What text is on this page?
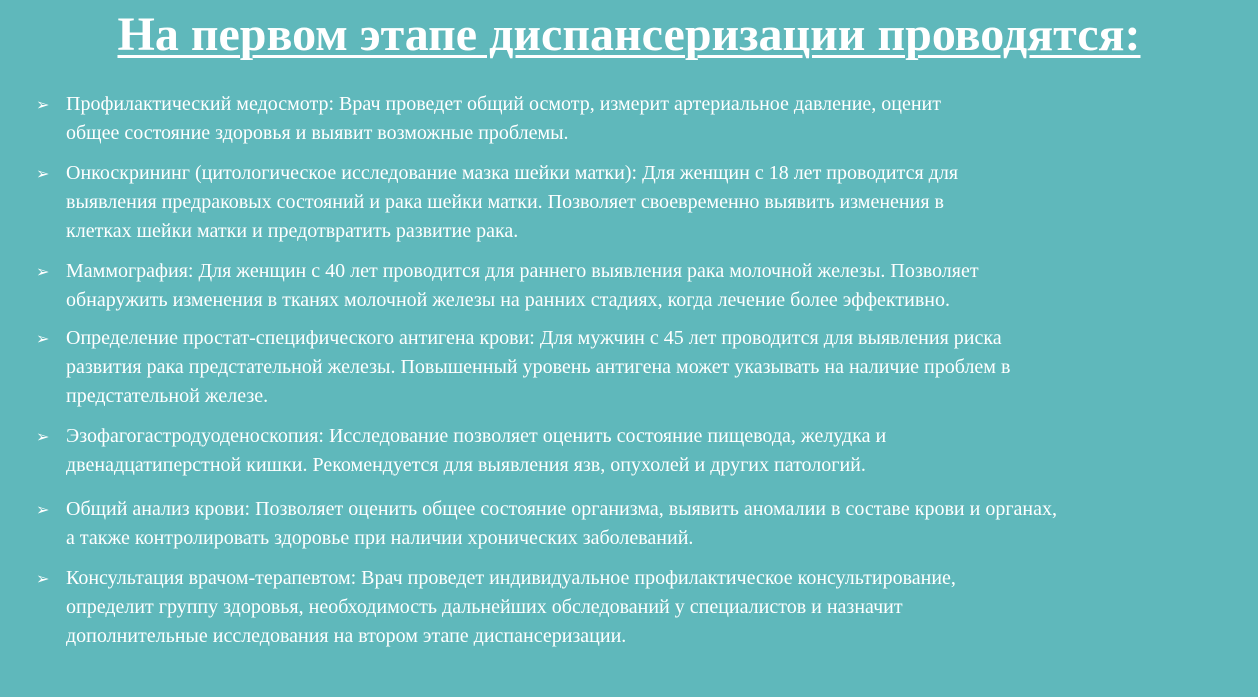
На первом этапе диспансеризации проводятся:
➢ Профилактический медосмотр: Врач проведет общий осмотр, измерит артериальное давление, оценит
общее состояние здоровья и выявит возможные проблемы.
➢ Онкоскрининг (цитологическое исследование мазка шейки матки): Для женщин с 18 лет проводится для
выявления предраковых состояний и рака шейки матки. Позволяет своевременно выявить изменения в
клетках шейки матки и предотвратить развитие рака.
➢ Маммография: Для женщин с 40 лет проводится для раннего выявления рака молочной железы. Позволяет
обнаружить изменения в тканях молочной железы на ранних стадиях, когда лечение более эффективно.
➢ Определение простат-специфического антигена крови: Для мужчин с 45 лет проводится для выявления риска
развития рака предстательной железы. Повышенный уровень антигена может указывать на наличие проблем в
предстательной железе.
➢ Эзофагогастродуоденоскопия: Исследование позволяет оценить состояние пищевода, желудка и
двенадцатиперстной кишки. Рекомендуется для выявления язв, опухолей и других патологий.
➢ Общий анализ крови: Позволяет оценить общее состояние организма, выявить аномалии в составе крови и органах,
а также контролировать здоровье при наличии хронических заболеваний.
➢ Консультация врачом-терапевтом: Врач проведет индивидуальное профилактическое консультирование,
определит группу здоровья, необходимость дальнейших обследований у специалистов и назначит
дополнительные исследования на втором этапе диспансеризации.
